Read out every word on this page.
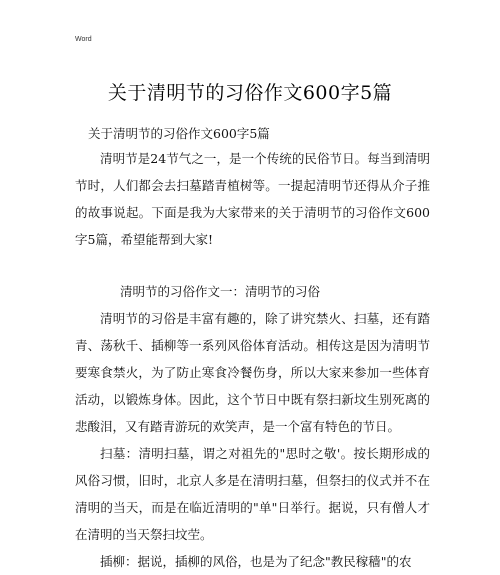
Word
关于清明节的习俗作文600字5篇
关于清明节的习俗作文600字5篇

清明节是24节气之一，是一个传统的民俗节日。每当到清明节时，人们都会去扫墓踏青植树等。一提起清明节还得从介子推的故事说起。下面是我为大家带来的关于清明节的习俗作文600字5篇，希望能帮到大家!

清明节的习俗作文一：清明节的习俗

清明节的习俗是丰富有趣的，除了讲究禁火、扫墓，还有踏青、荡秋千、插柳等一系列风俗体育活动。相传这是因为清明节要寒食禁火，为了防止寒食冷餐伤身，所以大家来参加一些体育活动，以锻炼身体。因此，这个节日中既有祭扫新坟生别死离的悲酸泪，又有踏青游玩的欢笑声，是一个富有特色的节日。

扫墓：清明扫墓，谓之对祖先的"思时之敬'。按长期形成的风俗习惯，旧时，北京人多是在清明扫墓，但祭扫的仪式并不在清明的当天，而是在临近清明的"单"日举行。据说，只有僧人才在清明的当天祭扫坟茔。

插柳：据说，插柳的风俗，也是为了纪念"教民稼穑"的农
